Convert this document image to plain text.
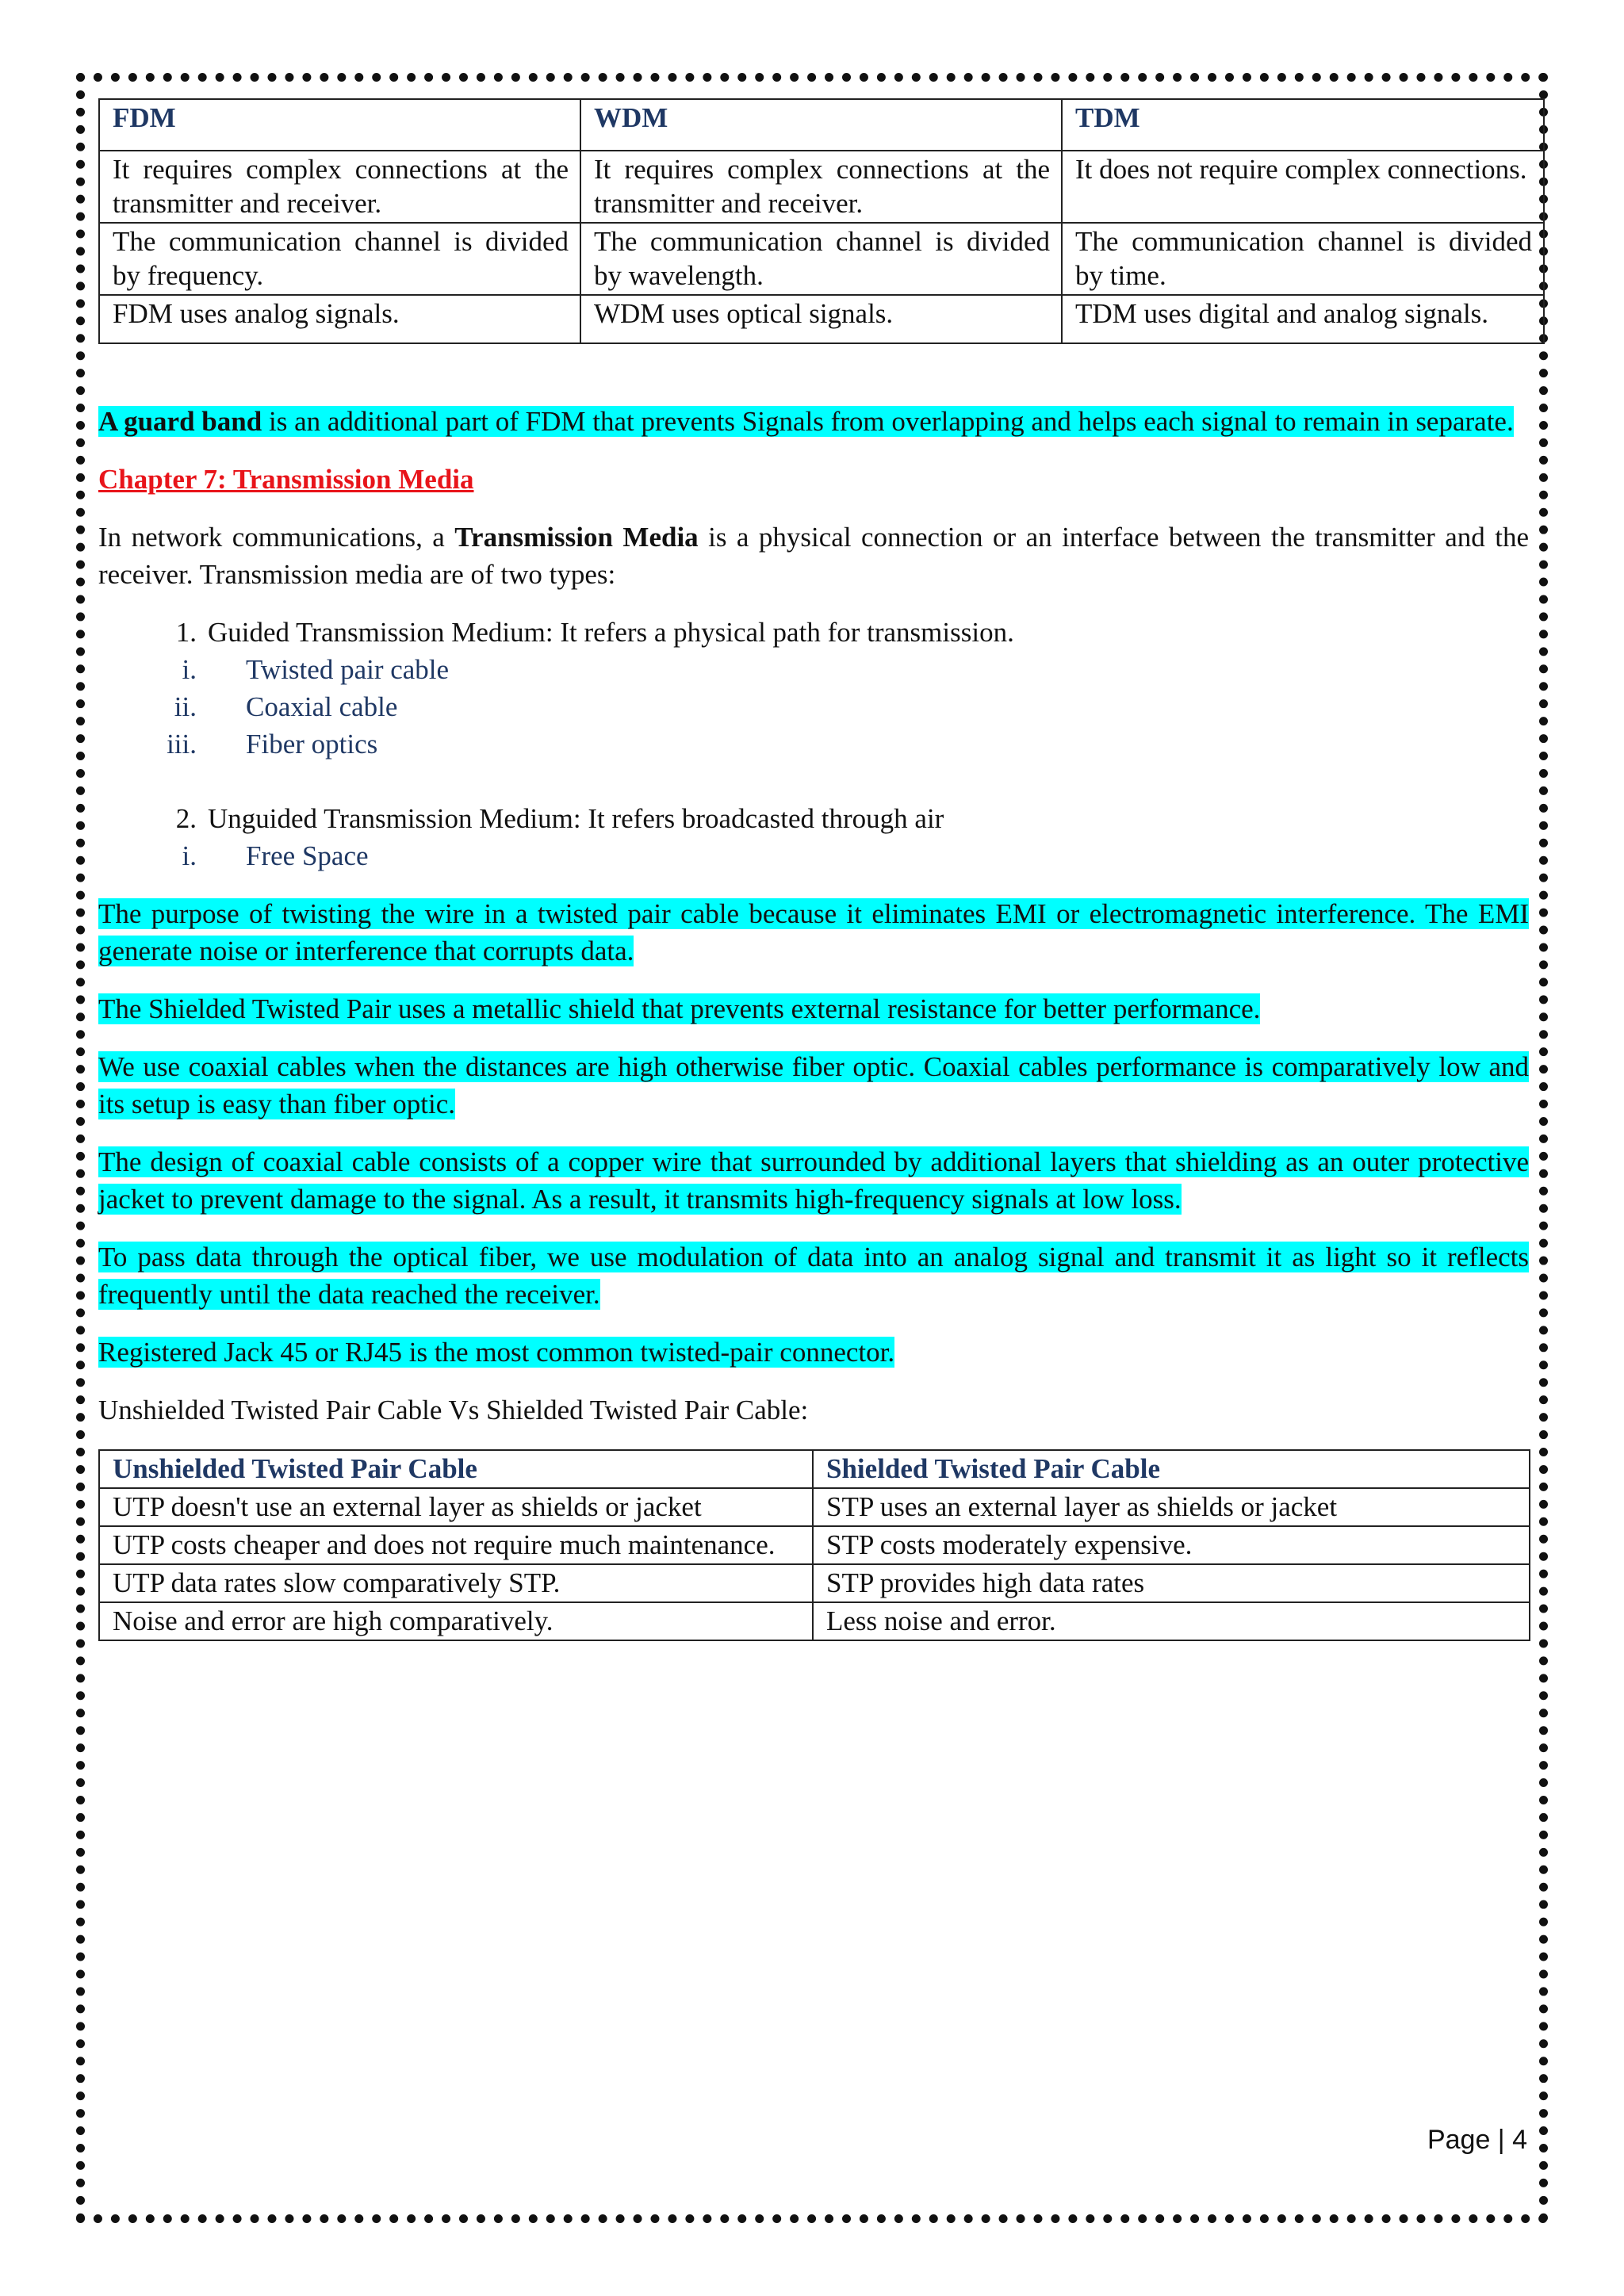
FDM	WDM	TDM
It requires complex connections at the transmitter and receiver.	It requires complex connections at the transmitter and receiver.	It does not require complex connections.
The communication channel is divided by frequency.	The communication channel is divided by wavelength.	The communication channel is divided by time.
FDM uses analog signals.	WDM uses optical signals.	TDM uses digital and analog signals.

A guard band is an additional part of FDM that prevents Signals from overlapping and helps each signal to remain in separate.

Chapter 7: Transmission Media

In network communications, a Transmission Media is a physical connection or an interface between the transmitter and the receiver. Transmission media are of two types:

1. Guided Transmission Medium: It refers a physical path for transmission.

i.	Twisted pair cable
ii.	Coaxial cable
iii.	Fiber optics

2. Unguided Transmission Medium: It refers broadcasted through air

i.	Free Space

The purpose of twisting the wire in a twisted pair cable because it eliminates EMI or electromagnetic interference. The EMI generate noise or interference that corrupts data.

The Shielded Twisted Pair uses a metallic shield that prevents external resistance for better performance.

We use coaxial cables when the distances are high otherwise fiber optic. Coaxial cables performance is comparatively low and its setup is easy than fiber optic.

The design of coaxial cable consists of a copper wire that surrounded by additional layers that shielding as an outer protective jacket to prevent damage to the signal. As a result, it transmits high-frequency signals at low loss.

To pass data through the optical fiber, we use modulation of data into an analog signal and transmit it as light so it reflects frequently until the data reached the receiver.

Registered Jack 45 or RJ45 is the most common twisted-pair connector.

Unshielded Twisted Pair Cable Vs Shielded Twisted Pair Cable:

Unshielded Twisted Pair Cable	Shielded Twisted Pair Cable
UTP doesn't use an external layer as shields or jacket	STP uses an external layer as shields or jacket
UTP costs cheaper and does not require much maintenance.	STP costs moderately expensive.
UTP data rates slow comparatively STP.	STP provides high data rates
Noise and error are high comparatively.	Less noise and error.
Page | 4
